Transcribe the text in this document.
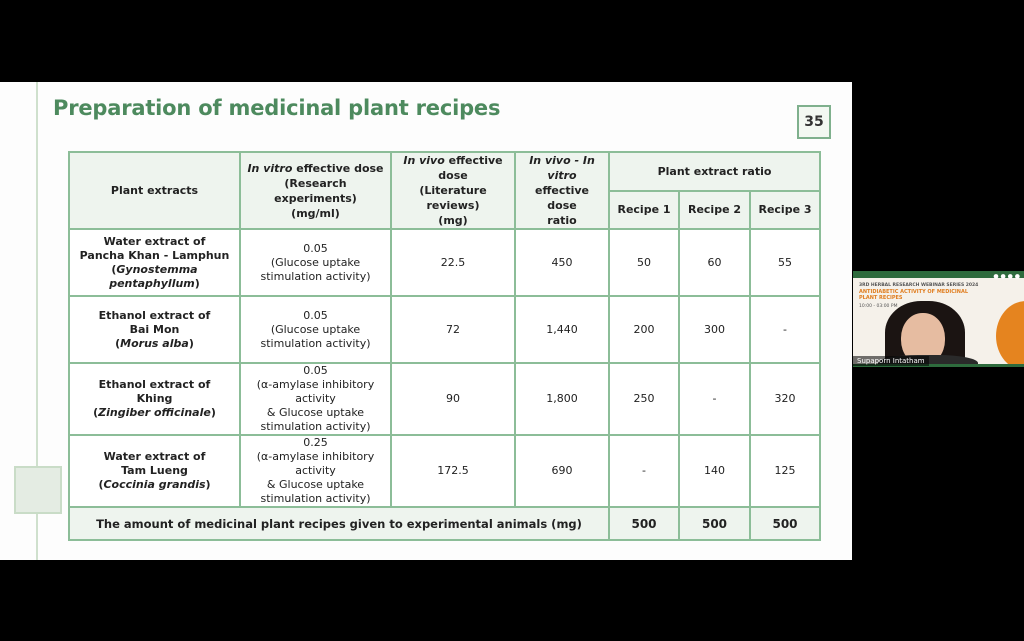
Preparation of medicinal plant recipes
35
Plant extracts	In vitro effective dose
(Research experiments)
(mg/ml)	In vivo effective dose
(Literature reviews)
(mg)	In vivo - In vitro
effective dose
ratio	Plant extract ratio		
				Recipe 1	Recipe 2	Recipe 3
Water extract of
Pancha Khan - Lamphun
(Gynostemma pentaphyllum)	0.05
(Glucose uptake
stimulation activity)	22.5	450	50	60	55
Ethanol extract of
Bai Mon
(Morus alba)	0.05
(Glucose uptake
stimulation activity)	72	1,440	200	300	-
Ethanol extract of
Khing
(Zingiber officinale)	0.05
(α-amylase inhibitory activity
& Glucose uptake
stimulation activity)	90	1,800	250	-	320
Water extract of
Tam Lueng
(Coccinia grandis)	0.25
(α-amylase inhibitory activity
& Glucose uptake
stimulation activity)	172.5	690	-	140	125
The amount of medicinal plant recipes given to experimental animals (mg)				500	500	500
● ● ● ●
3RD HERBAL RESEARCH WEBINAR SERIES 2024
ANTIDIABETIC ACTIVITY OF MEDICINAL PLANT RECIPES
10:00 - 03:00 PM
Supaporn Intatham
